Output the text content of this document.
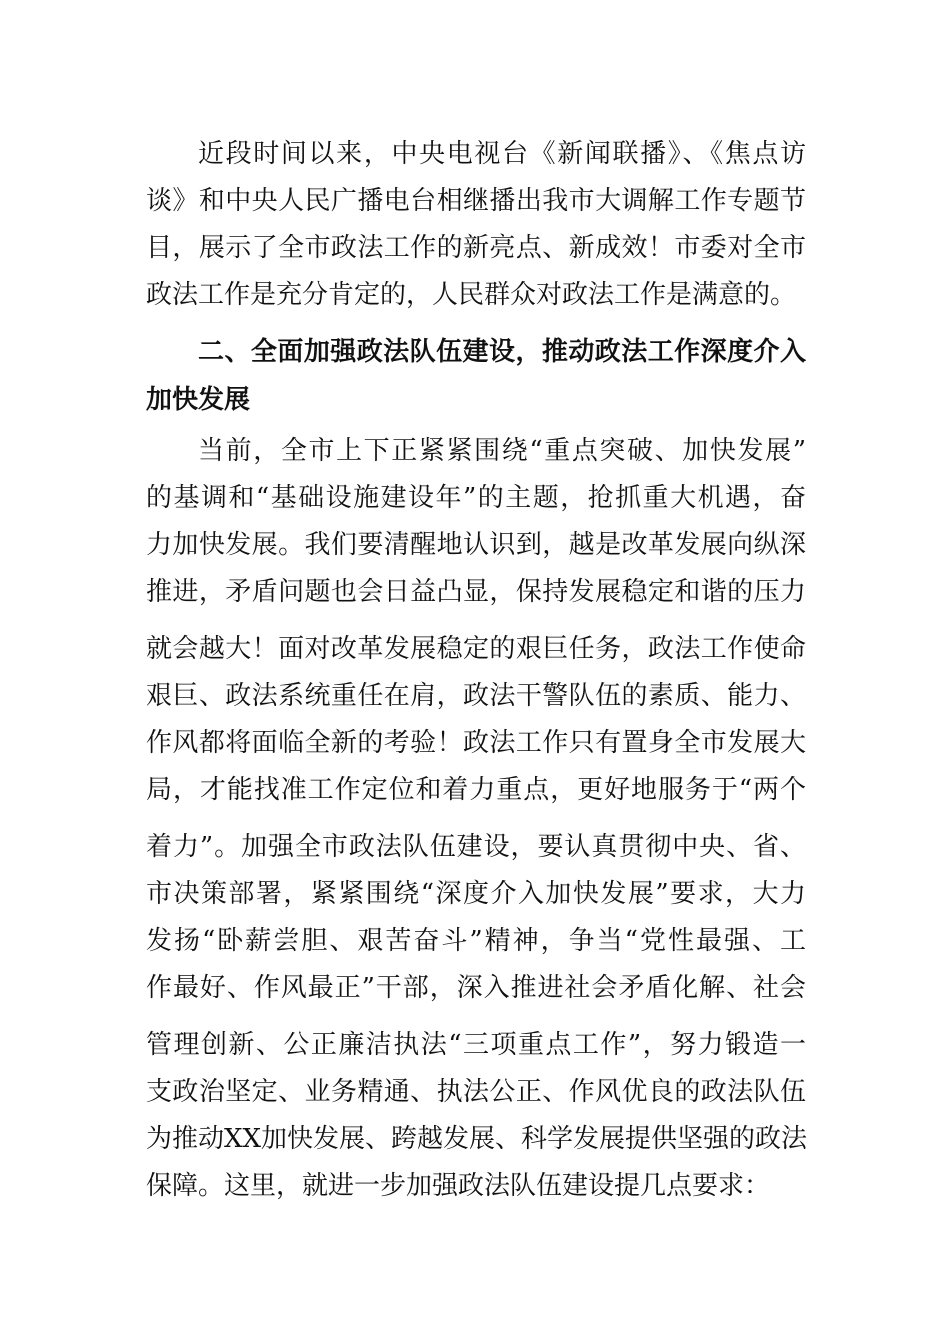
近段时间以来，中央电视台《新闻联播》、《焦点访
谈》和中央人民广播电台相继播出我市大调解工作专题节
目，展示了全市政法工作的新亮点、新成效！市委对全市
政法工作是充分肯定的，人民群众对政法工作是满意的。
二、全面加强政法队伍建设，推动政法工作深度介入
加快发展
当前，全市上下正紧紧围绕“重点突破、加快发展”
的基调和“基础设施建设年”的主题，抢抓重大机遇，奋
力加快发展。我们要清醒地认识到，越是改革发展向纵深
推进，矛盾问题也会日益凸显，保持发展稳定和谐的压力
就会越大！面对改革发展稳定的艰巨任务，政法工作使命
艰巨、政法系统重任在肩，政法干警队伍的素质、能力、
作风都将面临全新的考验！政法工作只有置身全市发展大
局，才能找准工作定位和着力重点，更好地服务于“两个
着力”。加强全市政法队伍建设，要认真贯彻中央、省、
市决策部署，紧紧围绕“深度介入加快发展”要求，大力
发扬“卧薪尝胆、艰苦奋斗”精神，争当“党性最强、工
作最好、作风最正”干部，深入推进社会矛盾化解、社会
管理创新、公正廉洁执法“三项重点工作”，努力锻造一
支政治坚定、业务精通、执法公正、作风优良的政法队伍
为推动XX加快发展、跨越发展、科学发展提供坚强的政法
保障。这里，就进一步加强政法队伍建设提几点要求：
